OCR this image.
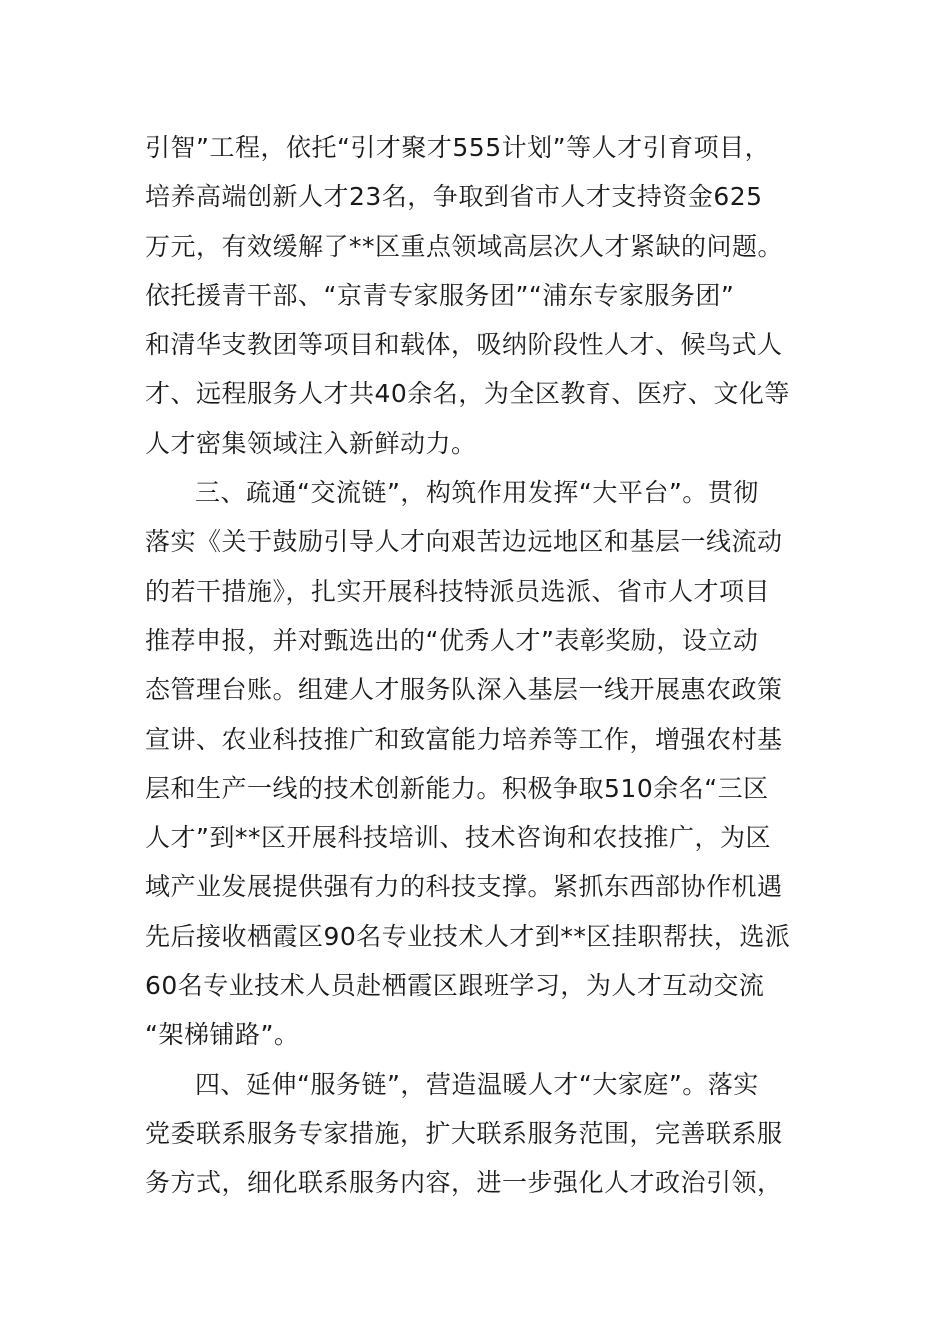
引智”工程，依托“引才聚才555计划”等人才引育项目，
培养高端创新人才23名，争取到省市人才支持资金625
万元，有效缓解了**区重点领域高层次人才紧缺的问题。
依托援青干部、“京青专家服务团”“浦东专家服务团”
和清华支教团等项目和载体，吸纳阶段性人才、候鸟式人
才、远程服务人才共40余名，为全区教育、医疗、文化等
人才密集领域注入新鲜动力。
三、疏通“交流链”，构筑作用发挥“大平台”。贯彻
落实《关于鼓励引导人才向艰苦边远地区和基层一线流动
的若干措施》，扎实开展科技特派员选派、省市人才项目
推荐申报，并对甄选出的“优秀人才”表彰奖励，设立动
态管理台账。组建人才服务队深入基层一线开展惠农政策
宣讲、农业科技推广和致富能力培养等工作，增强农村基
层和生产一线的技术创新能力。积极争取510余名“三区
人才”到**区开展科技培训、技术咨询和农技推广，为区
域产业发展提供强有力的科技支撑。紧抓东西部协作机遇
先后接收栖霞区90名专业技术人才到**区挂职帮扶，选派
60名专业技术人员赴栖霞区跟班学习，为人才互动交流
“架梯铺路”。
四、延伸“服务链”，营造温暖人才“大家庭”。落实
党委联系服务专家措施，扩大联系服务范围，完善联系服
务方式，细化联系服务内容，进一步强化人才政治引领，
